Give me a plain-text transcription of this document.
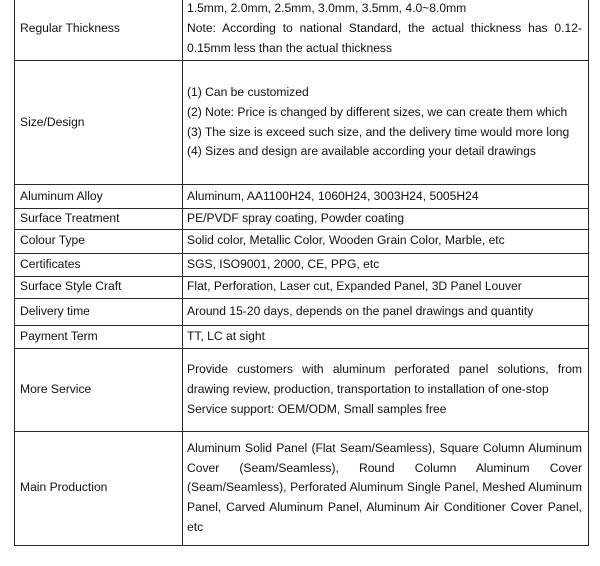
Regular Thickness	1.5mm, 2.0mm, 2.5mm, 3.0mm, 3.5mm, 4.0~8.0mm
Note: According to national Standard, the actual thickness has 0.12-0.15mm less than the actual thickness

Size/Design	(1) Can be customized
(2) Note: Price is changed by different sizes, we can create them which
(3) The size is exceed such size, and the delivery time would more long
(4) Sizes and design are available according your detail drawings

Aluminum Alloy	Aluminum, AA1100H24, 1060H24, 3003H24, 5005H24

Surface Treatment	PE/PVDF spray coating, Powder coating

Colour Type	Solid color, Metallic Color, Wooden Grain Color, Marble, etc

Certificates	SGS, ISO9001, 2000, CE, PPG, etc

Surface Style Craft	Flat, Perforation, Laser cut, Expanded Panel, 3D Panel Louver

Delivery time	Around 15-20 days, depends on the panel drawings and quantity

Payment Term	TT, LC at sight

More Service	Provide customers with aluminum perforated panel solutions, from drawing review, production, transportation to installation of one-stop
Service support: OEM/ODM, Small samples free

Main Production	Aluminum Solid Panel (Flat Seam/Seamless), Square Column Aluminum Cover (Seam/Seamless), Round Column Aluminum Cover (Seam/Seamless), Perforated Aluminum Single Panel, Meshed Aluminum Panel, Carved Aluminum Panel, Aluminum Air Conditioner Cover Panel, etc
